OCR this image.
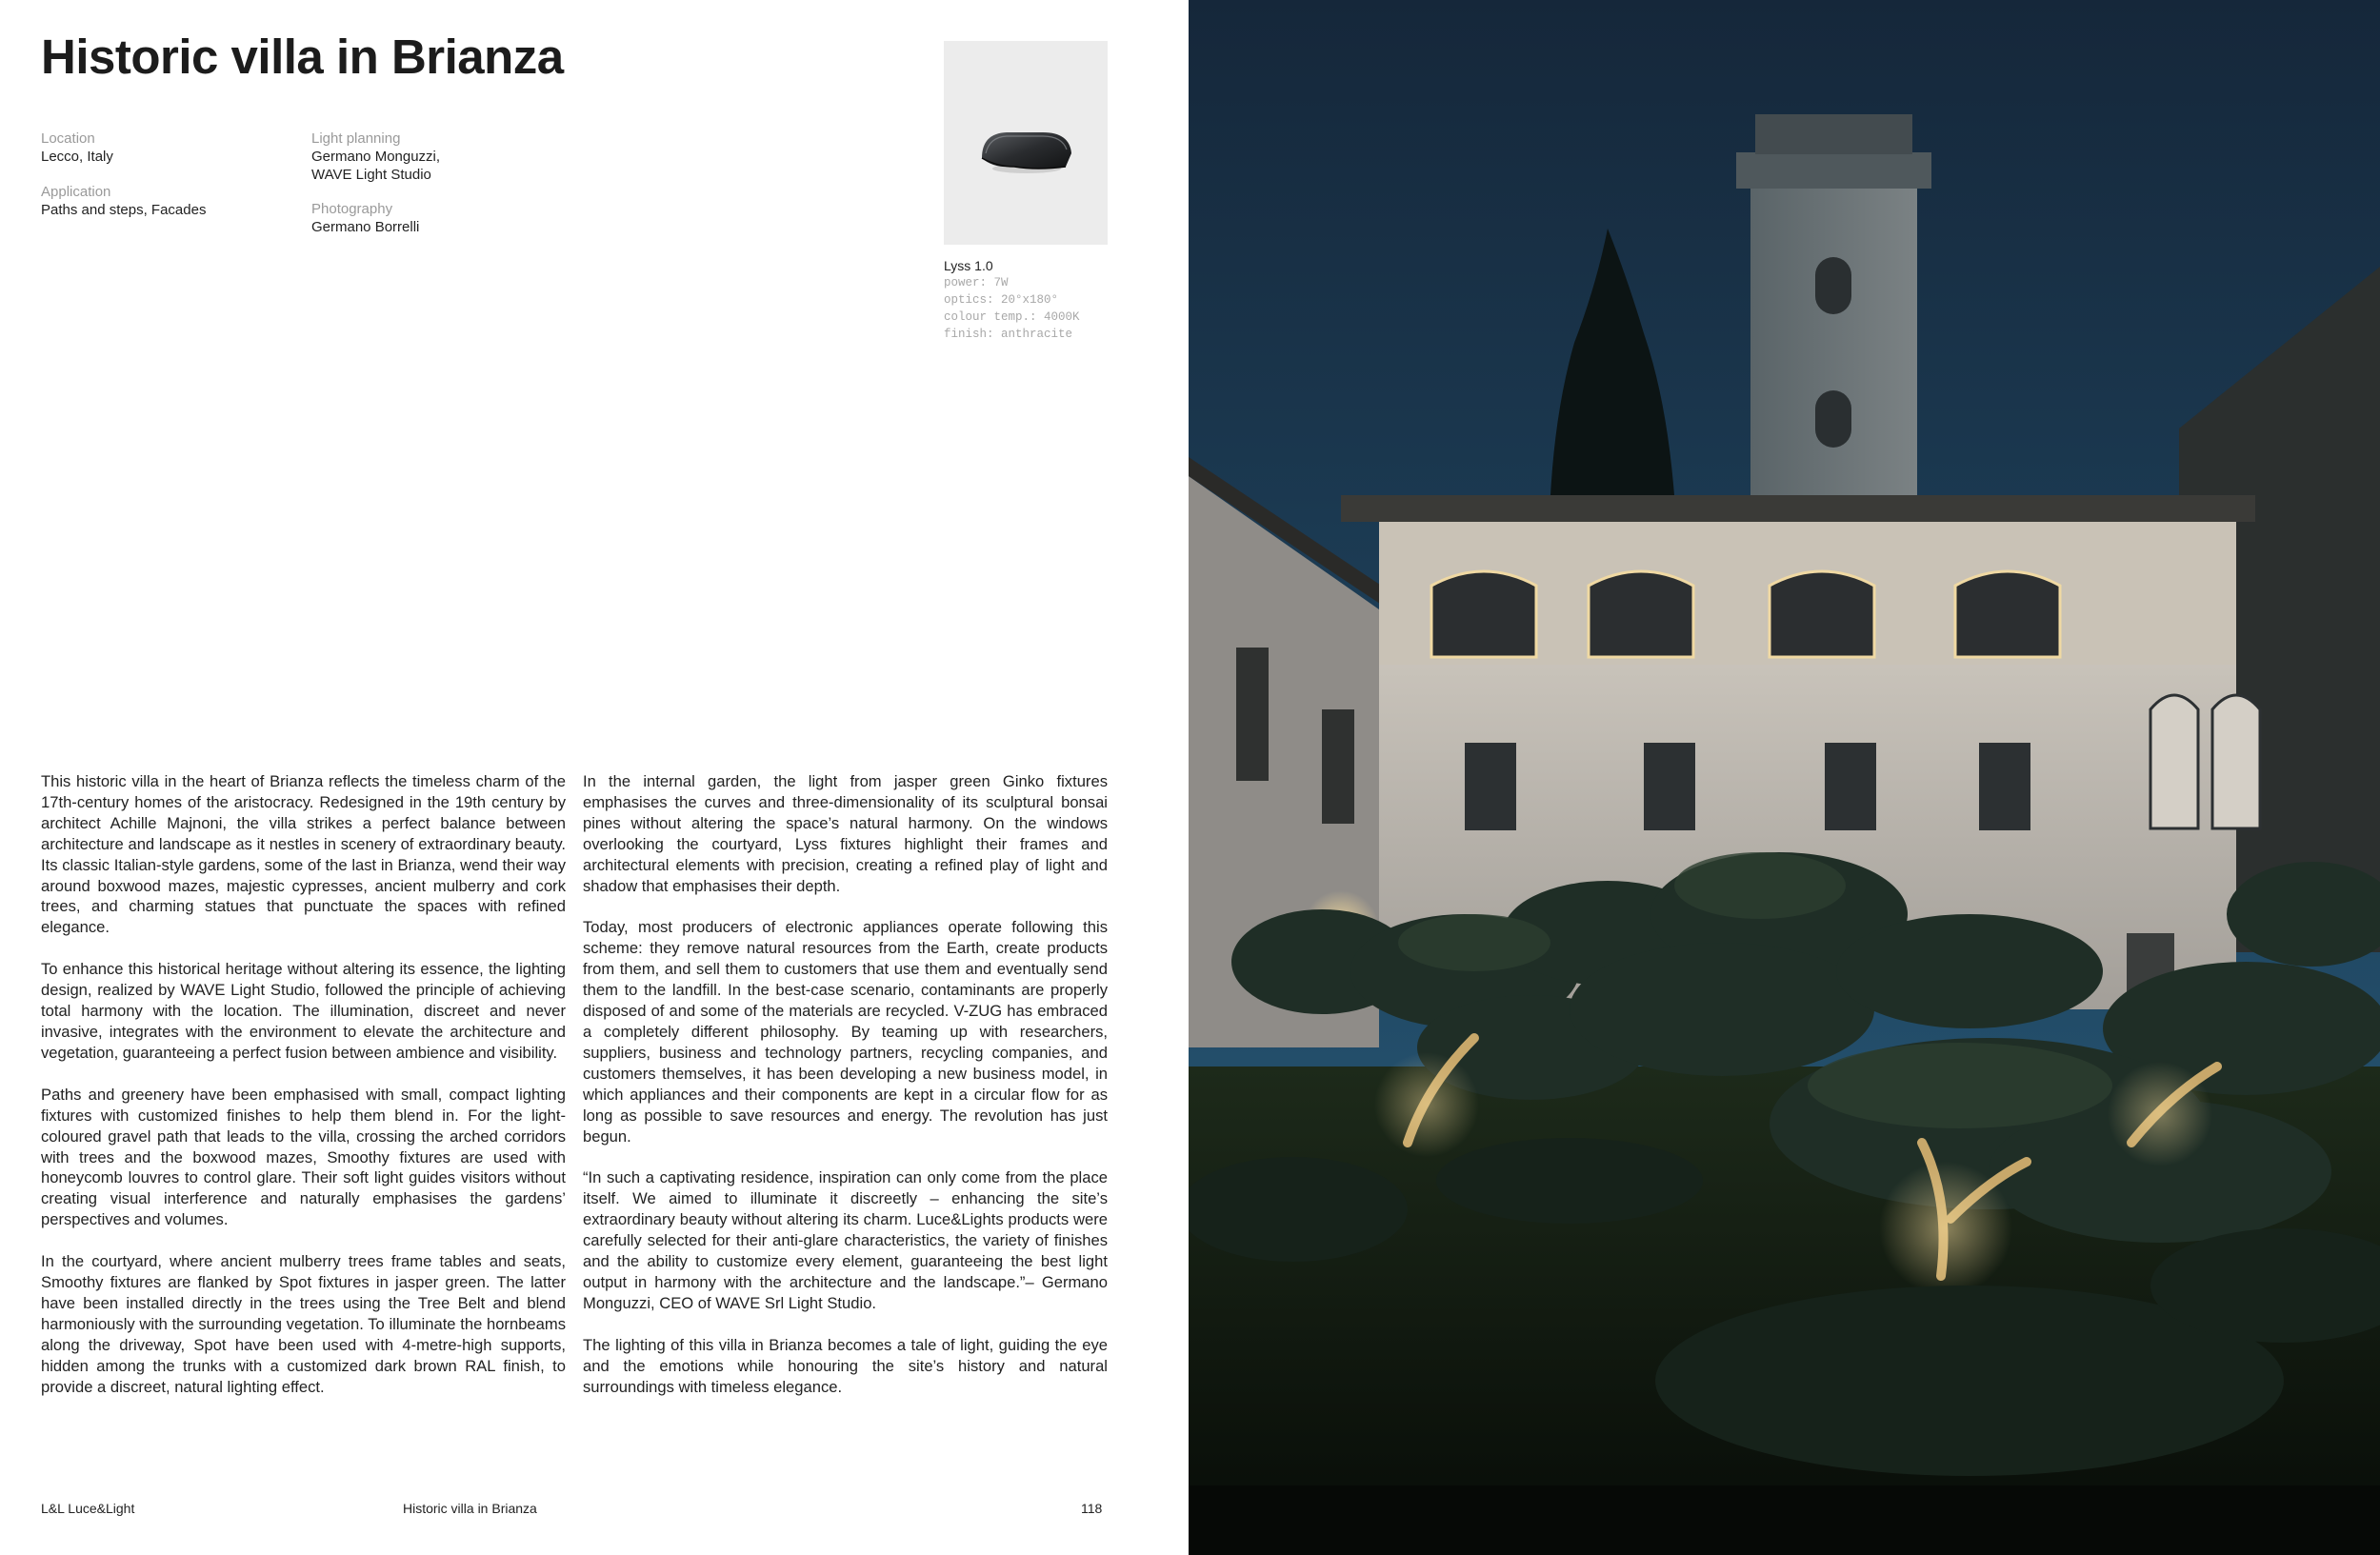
Historic villa in Brianza
Location
Lecco, Italy
Application
Paths and steps, Facades
Light planning
Germano Monguzzi,
WAVE Light Studio
Photography
Germano Borrelli
Lyss 1.0
power: 7W
optics: 20°x180°
colour temp.: 4000K
finish: anthracite

This historic villa in the heart of Brianza reflects the timeless charm of the 17th-century homes of the aristocracy. Redesigned in the 19th century by architect Achille Majnoni, the villa strikes a perfect balance between architecture and landscape as it nestles in scenery of extraordinary beauty. Its classic Italian-style gardens, some of the last in Brianza, wend their way around boxwood mazes, majestic cypresses, ancient mulberry and cork trees, and charming statues that punctuate the spaces with refined elegance.

To enhance this historical heritage without altering its essence, the lighting design, realized by WAVE Light Studio, followed the principle of achieving total harmony with the location. The illumination, discreet and never invasive, integrates with the environment to elevate the architecture and vegetation, guaranteeing a perfect fusion between ambience and visibility.

Paths and greenery have been emphasised with small, compact lighting fixtures with customized finishes to help them blend in. For the light-coloured gravel path that leads to the villa, crossing the arched corridors with trees and the boxwood mazes, Smoothy fixtures are used with honeycomb louvres to control glare. Their soft light guides visitors without creating visual interference and naturally emphasises the gardens’ perspectives and volumes.

In the courtyard, where ancient mulberry trees frame tables and seats, Smoothy fixtures are flanked by Spot fixtures in jasper green. The latter have been installed directly in the trees using the Tree Belt and blend harmoniously with the surrounding vegetation. To illuminate the hornbeams along the driveway, Spot have been used with 4-metre-high supports, hidden among the trunks with a customized dark brown RAL finish, to provide a discreet, natural lighting effect.

In the internal garden, the light from jasper green Ginko fixtures emphasises the curves and three-dimensionality of its sculptural bonsai pines without altering the space’s natural harmony. On the windows overlooking the courtyard, Lyss fixtures highlight their frames and architectural elements with precision, creating a refined play of light and shadow that emphasises their depth.

Today, most producers of electronic appliances operate following this scheme: they remove natural resources from the Earth, create products from them, and sell them to customers that use them and eventually send them to the landfill. In the best-case scenario, contaminants are properly disposed of and some of the materials are recycled. V-ZUG has embraced a completely different philosophy. By teaming up with researchers, suppliers, business and technology partners, recycling companies, and customers themselves, it has been developing a new business model, in which appliances and their components are kept in a circular flow for as long as possible to save resources and energy. The revolution has just begun.

“In such a captivating residence, inspiration can only come from the place itself. We aimed to illuminate it discreetly – enhancing the site’s extraordinary beauty without altering its charm. Luce&Lights products were carefully selected for their anti-glare characteristics, the variety of finishes and the ability to customize every element, guaranteeing the best light output in harmony with the architecture and the landscape.”– Germano Monguzzi, CEO of WAVE Srl Light Studio.

The lighting of this villa in Brianza becomes a tale of light, guiding the eye and the emotions while honouring the site’s history and natural surroundings with timeless elegance.

L&L Luce&Light	Historic villa in Brianza	118
